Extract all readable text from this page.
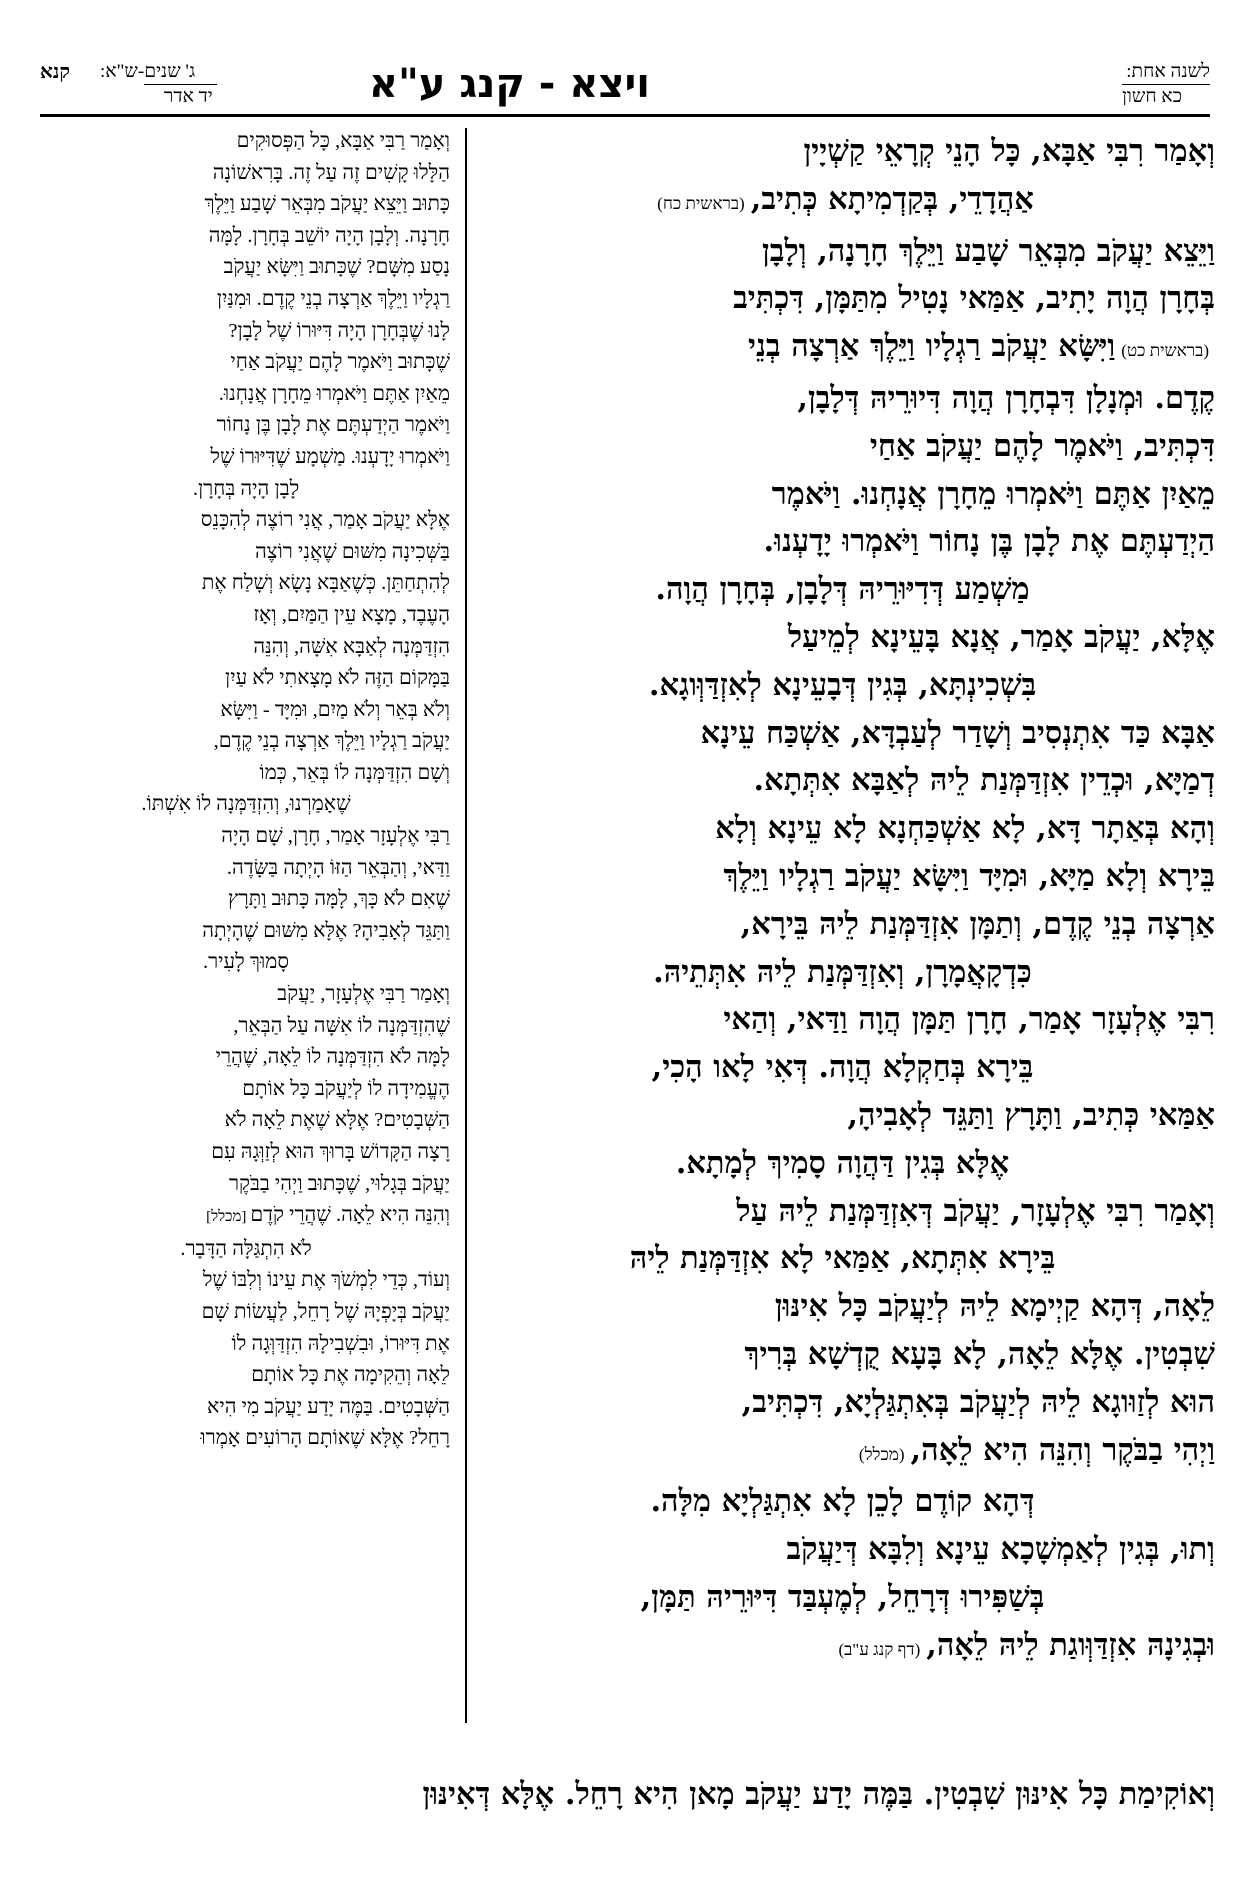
לשנה אחת:
כא חשון
ויצא - קנג ע"א
קנא ג' שנים-ש"א:
יד אדר
וְאָמַר רִבִּי אַבָּא, כָּל הָנֵי קְרָאֵי קַשְׁיָין
אַהֲדָדֵי, בְּקַדְמִיתָא כְּתִיב,(בראשית כח)
וַיֵּצֵא יַעֲקֹב מִבְּאֵר שָׁבַע וַיֵּלֶךְ חָרָנָה, וְלָבָן
בְּחָרָן הֲוָה יָתִיב, אַמַּאי נָטִיל מִתַּמָּן, דִּכְתִּיב
(בראשית כט)וַיִּשָּׂא יַעֲקֹב רַגְלָיו וַיֵּלֶךְ אַרְצָה בְנֵי
קֶדֶם. וּמְנָלָן דִּבְחָרָן הֲוָה דִּיוּרֵיהּ דְּלָבָן,
דִּכְתִּיב, וַיֹּאמֶר לָהֶם יַעֲקֹב אַחַי
מֵאַיִן אַתֶּם וַיֹּאמְרוּ מֵחָרָן אֲנָחְנוּ. וַיֹּאמֶר
הַיְדַעְתֶּם אֶת לָבָן בֶּן נָחוֹר וַיֹּאמְרוּ יָדָעְנוּ.
מַשְׁמַע דְּדִיּוּרֵיהּ דְּלָבָן, בְּחָרָן הֲוָה.
אֶלָּא, יַעֲקֹב אָמַר, אֲנָא בָּעֵינָא לְמֵיעַל
בִּשְׁכִינְתָּא, בְּגִין דְּבָעֵינָא לְאִזְדַּוְּוגָא.
אַבָּא כַּד אִתְנְסִיב וְשָׁדַר לְעַבְדָּא, אַשְׁכַּח עֵינָא
דְמַיָּא, וּכְדֵין אִזְדַּמְּנַת לֵיהּ לְאַבָּא אִתְּתָא.
וְהָא בְּאַתָר דָּא, לָא אַשְׁכַּחְנָא לָא עֵינָא וְלָא
בֵּירָא וְלָא מַיָּא, וּמִיָּד וַיִּשָּׂא יַעֲקֹב רַגְלָיו וַיֵּלֶךְ
אַרְצָה בְנֵי קֶדֶם, וְתַמָּן אִזְדַּמְּנַת לֵיהּ בֵּירָא,
כִּדְקָאֲמָרָן, וְאִזְדַּמְּנַת לֵיהּ אִתְּתֵיהּ.
רִבִּי אֶלְעָזָר אָמַר, חָרָן תַּמָּן הֲוָה וַדַּאי, וְהַאי
בֵּירָא בְּחַקְלָא הֲוָה. דְּאִי לָאו הָכִי,
אַמַּאי כְּתִיב, וַתָּרָץ וַתַּגֵּד לְאָבִיהָ,
אֶלָּא בְּגִין דַּהֲוָה סָמִיךְ לְמָתָא.
וְאָמַר רִבִּי אֶלְעָזָר, יַעֲקֹב דְּאִזְדַּמְּנַת לֵיהּ עַל
בֵּירָא אִתְּתָא, אַמַּאי לָא אִזְדַּמְּנַת לֵיהּ
לֵאָה, דְּהָא קַיְימָא לֵיהּ לְיַעֲקֹב כָּל אִינּוּן
שִׁבְטִין. אֶלָּא לֵאָה, לָא בָּעָא קֻדְשָׁא בְּרִיךְ
הוּא לְזַוּוגָא לֵיהּ לְיַעֲקֹב בְּאִתְגַּלְיָא, דִּכְתִּיב,
וַיְהִי בַבֹּקֶר וְהִנֵּה הִיא לֵאָה,(מכלל)
דְּהָא קוֹדֶם לָכֵן לָא אִתְגַּלְיָא מִלָּה.
וְתוּ, בְּגִין לְאַמְשָׁכָא עֵינָא וְלִבָּא דְּיַעֲקֹב
בְּשַׁפִּירוּ דְּרָחֵל, לְמֶעְבַּד דִּיּוּרֵיהּ תַּמָּן,
וּבְגִינָהּ אִזְדַּוְּוגַת לֵיהּ לֵאָה,(דף קנג ע"ב)
וְאָמַר רַבִּי אַבָּא, כָּל הַפְּסוּקִים
הַלָּלוּ קָשִׁים זֶה עַל זֶה. בָּרִאשׁוֹנָה
כָּתוּב וַיֵּצֵא יַעֲקֹב מִבְּאֵר שָׁבַע וַיֵּלֶךְ
חָרָנָה. וְלָבָן הָיָה יוֹשֵׁב בְּחָרָן. לָמָּה
נָסַע מִשָּׁם? שֶׁכָּתוּב וַיִּשָּׂא יַעֲקֹב
רַגְלָיו וַיֵּלֶךְ אַרְצָה בְנֵי קֶדֶם. וּמִנַּיִן
לָנוּ שֶׁבְּחָרָן הָיָה דִּיּוּרוֹ שֶׁל לָבָן?
שֶׁכָּתוּב וַיֹּאמֶר לָהֶם יַעֲקֹב אַחַי
מֵאַיִן אַתֶּם וַיֹּאמְרוּ מֵחָרָן אֲנָחְנוּ.
וַיֹּאמֶר הַיְדַעְתֶּם אֶת לָבָן בֶּן נָחוֹר
וַיֹּאמְרוּ יָדָעְנוּ. מַשְׁמָע שֶׁדִּיּוּרוֹ שֶׁל
לָבָן הָיָה בְּחָרָן.
אֶלָּא יַעֲקֹב אָמַר, אֲנִי רוֹצֶה לְהִכָּנֵס
בַּשְּׁכִינָה מִשּׁוּם שֶׁאֲנִי רוֹצֶה
לְהִתְחַתֵּן. כְּשֶׁאַבָּא נָשָׂא וְשָׁלַח אֶת
הָעֶבֶד, מָצָא עֵין הַמַּיִם, וְאָז
הִזְדַּמְּנָה לְאַבָּא אִשָּׁה, וְהִנֵּה
בַּמָּקוֹם הַזֶּה לֹא מָצָאתִי לֹא עַיִן
וְלֹא בְּאֵר וְלֹא מַיִם, וּמִיָּד - וַיִּשָּׂא
יַעֲקֹב רַגְלָיו וַיֵּלֶךְ אַרְצָה בְנֵי קֶדֶם,
וְשָׁם הִזְדַּמְּנָה לוֹ בְּאֵר, כְּמוֹ
שֶׁאָמַרְנוּ, וְהִזְדַּמְּנָה לוֹ אִשְׁתּוֹ.
רַבִּי אֶלְעָזָר אָמַר, חָרָן, שָׁם הָיָה
וַדַּאי, וְהַבְּאֵר הַזּוֹ הָיְתָה בַּשָּׂדֶה.
שֶׁאִם לֹא כָּךְ, לָמָּה כָּתוּב וַתָּרָץ
וַתַּגֵּד לְאָבִיהָ? אֶלָּא מִשּׁוּם שֶׁהָיְתָה
סָמוּךְ לָעִיר.
וְאָמַר רַבִּי אֶלְעָזָר, יַעֲקֹב
שֶׁהִזְדַּמְּנָה לוֹ אִשָּׁה עַל הַבְּאֵר,
לָמָּה לֹא הִזְדַּמְּנָה לוֹ לֵאָה, שֶׁהֲרֵי
הֶעֱמִידָה לוֹ לְיַעֲקֹב כָּל אוֹתָם
הַשְּׁבָטִים? אֶלָּא שֶׁאֶת לֵאָה לֹא
רָצָה הַקָּדוֹשׁ בָּרוּךְ הוּא לְזַוְּגָהּ עִם
יַעֲקֹב בְּגָלוּי, שֶׁכָּתוּב וַיְהִי בַבֹּקֶר
וְהִנֵּה הִיא לֵאָה. שֶׁהֲרֵי קֹדֶם[מכלל]
לֹא הִתְגַּלָּה הַדָּבָר.
וְעוֹד, כְּדֵי לִמְשֹׁךְ אֶת עֵינוֹ וְלִבּוֹ שֶׁל
יַעֲקֹב בְּיָפְיָהּ שֶׁל רָחֵל, לַעֲשׂוֹת שָׁם
אֶת דִּיּוּרוֹ, וּבִשְׁבִילָהּ הִזְדַּוְּגָה לוֹ
לֵאָה וְהֵקִימָה אֶת כָּל אוֹתָם
הַשְּׁבָטִים. בַּמֶּה יָדַע יַעֲקֹב מִי הִיא
רָחֵל? אֶלָּא שֶׁאוֹתָם הָרוֹעִים אָמְרוּ
וְאוֹקִימַת כָּל אִינּוּן שִׁבְטִין. בַּמֶּה יָדַע יַעֲקֹב מָאן הִיא רָחֵל. אֶלָּא דְּאִינּוּן
